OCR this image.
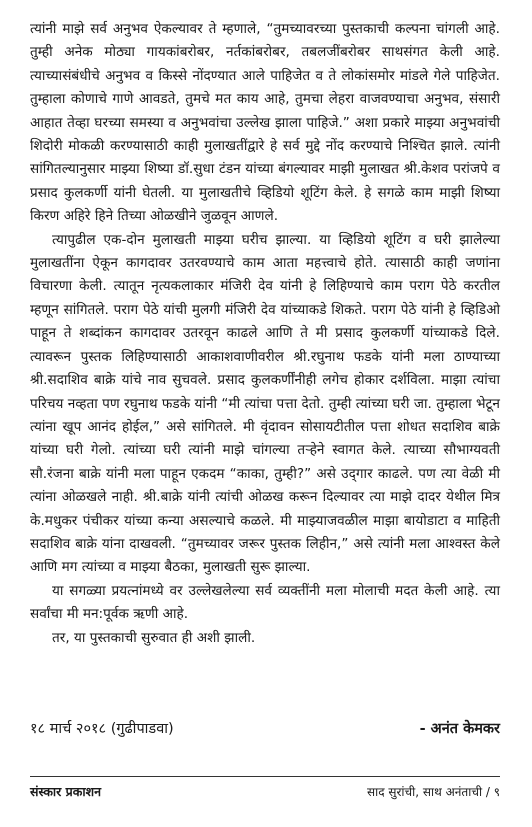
त्यांनी माझे सर्व अनुभव ऐकल्यावर ते म्हणाले, “तुमच्यावरच्या पुस्तकाची कल्पना चांगली आहे. तुम्ही अनेक मोठ्या गायकांबरोबर, नर्तकांबरोबर, तबलजींबरोबर साथसंगत केली आहे. त्याच्यासंबंधीचे अनुभव व किस्से नोंदण्यात आले पाहिजेत व ते लोकांसमोर मांडले गेले पाहिजेत. तुम्हाला कोणाचे गाणे आवडते, तुमचे मत काय आहे, तुमचा लेहरा वाजवण्याचा अनुभव, संसारी आहात तेव्हा घरच्या समस्या व अनुभवांचा उल्लेख झाला पाहिजे.” अशा प्रकारे माझ्या अनुभवांची शिदोरी मोकळी करण्यासाठी काही मुलाखतींद्वारे हे सर्व मुद्दे नोंद करण्याचे निश्चित झाले. त्यांनी सांगितल्यानुसार माझ्या शिष्या डॉ.सुधा टंडन यांच्या बंगल्यावर माझी मुलाखत श्री.केशव परांजपे व प्रसाद कुलकर्णी यांनी घेतली. या मुलाखतीचे व्हिडियो शूटिंग केले. हे सगळे काम माझी शिष्या किरण अहिरे हिने तिच्या ओळखीने जुळवून आणले.

त्यापुढील एक-दोन मुलाखती माझ्या घरीच झाल्या. या व्हिडियो शूटिंग व घरी झालेल्या मुलाखतींना ऐकून कागदावर उतरवण्याचे काम आता महत्त्वाचे होते. त्यासाठी काही जणांना विचारणा केली. त्यातून नृत्यकलाकार मंजिरी देव यांनी हे लिहिण्याचे काम पराग पेठे करतील म्हणून सांगितले. पराग पेठे यांची मुलगी मंजिरी देव यांच्याकडे शिकते. पराग पेठे यांनी हे व्हिडिओ पाहून ते शब्दांकन कागदावर उतरवून काढले आणि ते मी प्रसाद कुलकर्णी यांच्याकडे दिले. त्यावरून पुस्तक लिहिण्यासाठी आकाशवाणीवरील श्री.रघुनाथ फडके यांनी मला ठाण्याच्या श्री.सदाशिव बाक्रे यांचे नाव सुचवले. प्रसाद कुलकर्णींनीही लगेच होकार दर्शविला. माझा त्यांचा परिचय नव्हता पण रघुनाथ फडके यांनी “मी त्यांचा पत्ता देतो. तुम्ही त्यांच्या घरी जा. तुम्हाला भेटून त्यांना खूप आनंद होईल,” असे सांगितले. मी वृंदावन सोसायटीतील पत्ता शोधत सदाशिव बाक्रे यांच्या घरी गेलो. त्यांच्या घरी त्यांनी माझे चांगल्या तऱ्हेने स्वागत केले. त्याच्या सौभाग्यवती सौ.रंजना बाक्रे यांनी मला पाहून एकदम “काका, तुम्ही?” असे उद्‌गार काढले. पण त्या वेळी मी त्यांना ओळखले नाही. श्री.बाक्रे यांनी त्यांची ओळख करून दिल्यावर त्या माझे दादर येथील मित्र के.मधुकर पंचीकर यांच्या कन्या असल्याचे कळले. मी माझ्याजवळील माझा बायोडाटा व माहिती सदाशिव बाक्रे यांना दाखवली. “तुमच्यावर जरूर पुस्तक लिहीन,” असे त्यांनी मला आश्वस्त केले आणि मग त्यांच्या व माझ्या बैठका, मुलाखती सुरू झाल्या.

या सगळ्या प्रयत्नांमध्ये वर उल्लेखलेल्या सर्व व्यक्तींनी मला मोलाची मदत केली आहे. त्या सर्वांचा मी मन:पूर्वक ऋणी आहे.

तर, या पुस्तकाची सुरुवात ही अशी झाली.

१८ मार्च २०१८ (गुढीपाडवा)	- अनंत केमकर
संस्कार प्रकाशन	साद सुरांची, साथ अनंताची / ९
